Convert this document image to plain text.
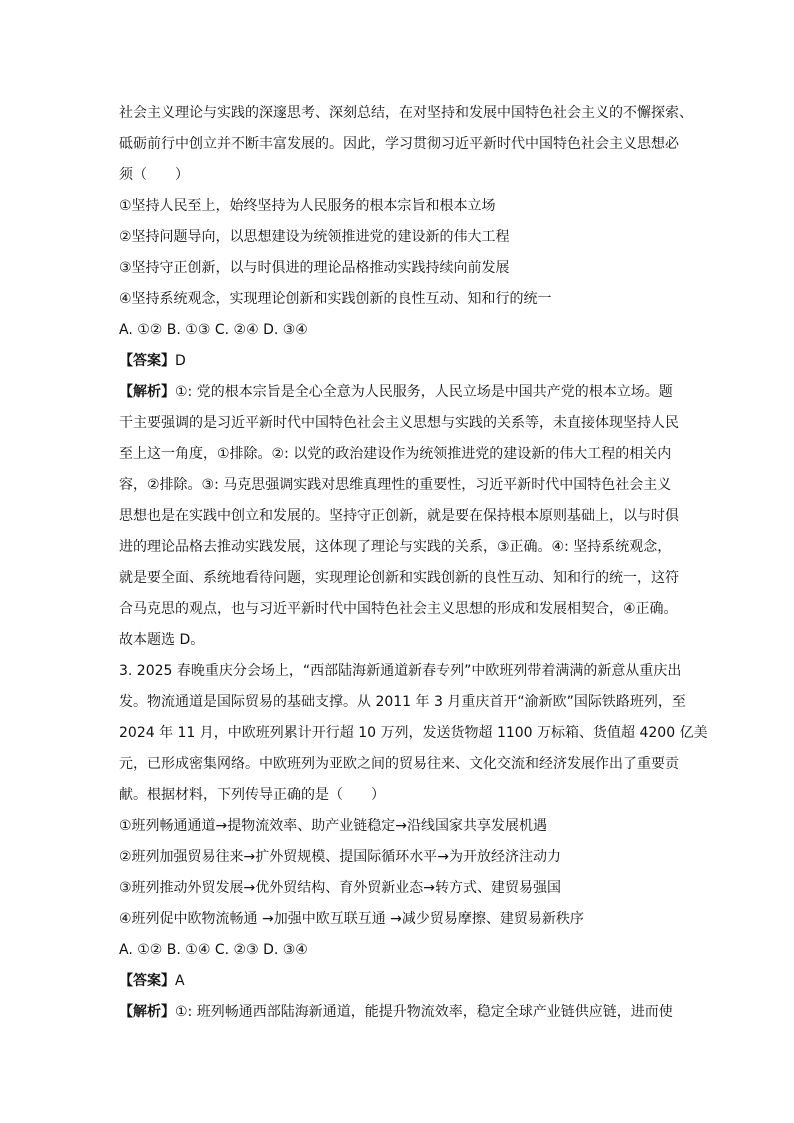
社会主义理论与实践的深邃思考、深刻总结，在对坚持和发展中国特色社会主义的不懈探索、
砥砺前行中创立并不断丰富发展的。因此，学习贯彻习近平新时代中国特色社会主义思想必
须（　　）
①坚持人民至上，始终坚持为人民服务的根本宗旨和根本立场
②坚持问题导向，以思想建设为统领推进党的建设新的伟大工程
③坚持守正创新，以与时俱进的理论品格推动实践持续向前发展
④坚持系统观念，实现理论创新和实践创新的良性互动、知和行的统一
A. ①② B. ①③ C. ②④ D. ③④
【答案】D
【解析】①: 党的根本宗旨是全心全意为人民服务，人民立场是中国共产党的根本立场。题
干主要强调的是习近平新时代中国特色社会主义思想与实践的关系等，未直接体现坚持人民
至上这一角度，①排除。②: 以党的政治建设作为统领推进党的建设新的伟大工程的相关内
容，②排除。③: 马克思强调实践对思维真理性的重要性，习近平新时代中国特色社会主义
思想也是在实践中创立和发展的。坚持守正创新，就是要在保持根本原则基础上，以与时俱
进的理论品格去推动实践发展，这体现了理论与实践的关系，③正确。④: 坚持系统观念，
就是要全面、系统地看待问题，实现理论创新和实践创新的良性互动、知和行的统一，这符
合马克思的观点，也与习近平新时代中国特色社会主义思想的形成和发展相契合，④正确。
故本题选 D。
3. 2025 春晚重庆分会场上，“西部陆海新通道新春专列”中欧班列带着满满的新意从重庆出
发。物流通道是国际贸易的基础支撑。从 2011 年 3 月重庆首开“渝新欧”国际铁路班列，至
2024 年 11 月，中欧班列累计开行超 10 万列，发送货物超 1100 万标箱、货值超 4200 亿美
元，已形成密集网络。中欧班列为亚欧之间的贸易往来、文化交流和经济发展作出了重要贡
献。根据材料，下列传导正确的是（　　）
①班列畅通通道→提物流效率、助产业链稳定→沿线国家共享发展机遇
②班列加强贸易往来→扩外贸规模、提国际循环水平→为开放经济注动力
③班列推动外贸发展→优外贸结构、育外贸新业态→转方式、建贸易强国
④班列促中欧物流畅通 →加强中欧互联互通 →减少贸易摩擦、建贸易新秩序
A. ①② B. ①④ C. ②③ D. ③④
【答案】A
【解析】①: 班列畅通西部陆海新通道，能提升物流效率，稳定全球产业链供应链，进而使
